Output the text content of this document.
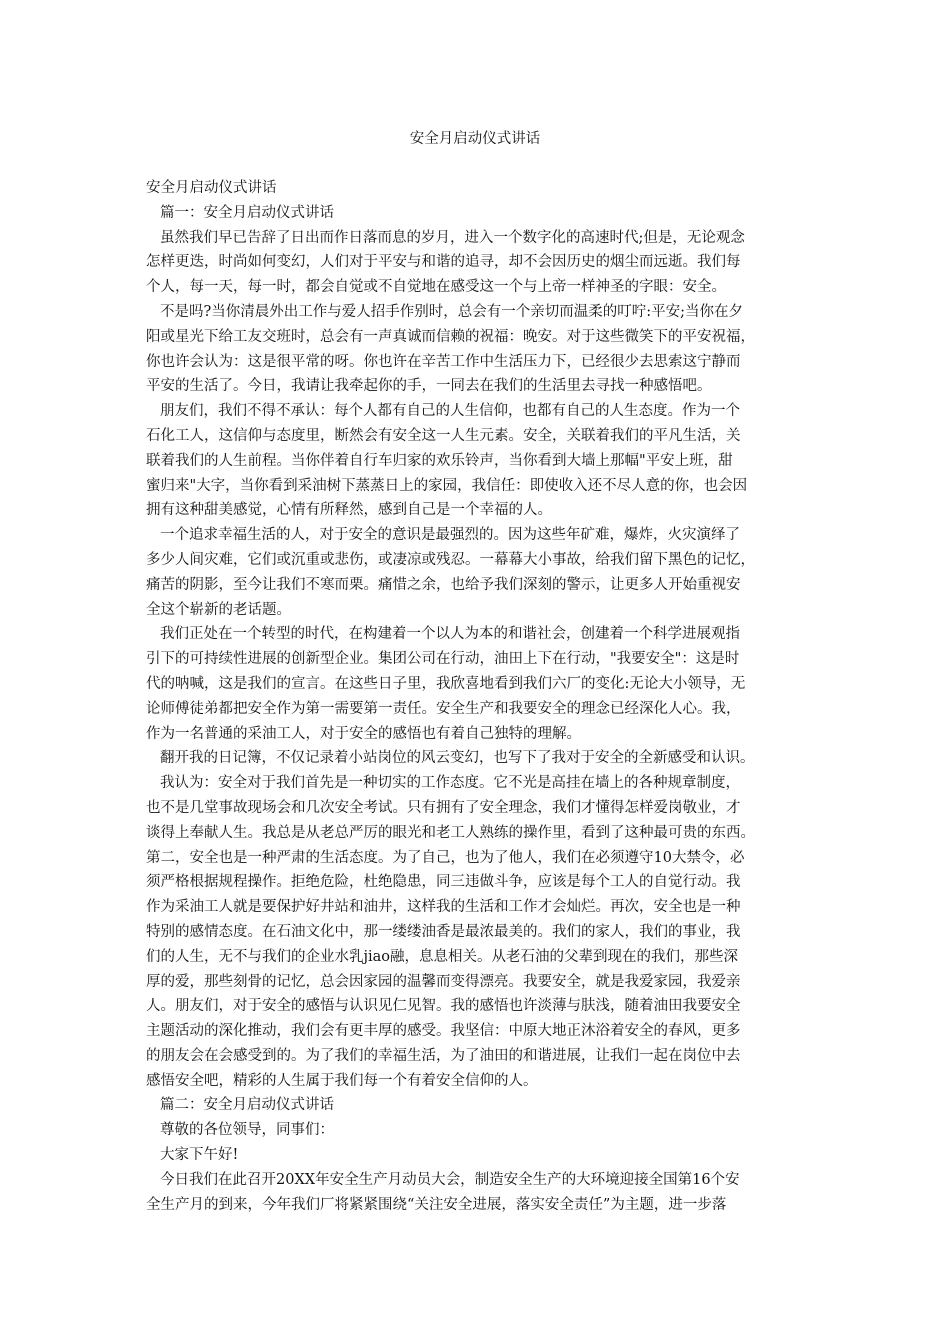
安全月启动仪式讲话

安全月启动仪式讲话

篇一：安全月启动仪式讲话

虽然我们早已告辞了日出而作日落而息的岁月，进入一个数字化的高速时代;但是，无论观念

怎样更迭，时尚如何变幻，人们对于平安与和谐的追寻，却不会因历史的烟尘而远逝。我们每

个人，每一天，每一时，都会自觉或不自觉地在感受这一个与上帝一样神圣的字眼：安全。

不是吗?当你清晨外出工作与爱人招手作别时，总会有一个亲切而温柔的叮咛:平安;当你在夕

阳或星光下给工友交班时，总会有一声真诚而信赖的祝福：晚安。对于这些微笑下的平安祝福，

你也许会认为：这是很平常的呀。你也许在辛苦工作中生活压力下，已经很少去思索这宁静而

平安的生活了。今日，我请让我牵起你的手，一同去在我们的生活里去寻找一种感悟吧。

朋友们，我们不得不承认：每个人都有自己的人生信仰，也都有自己的人生态度。作为一个

石化工人，这信仰与态度里，断然会有安全这一人生元素。安全，关联着我们的平凡生活，关

联着我们的人生前程。当你伴着自行车归家的欢乐铃声，当你看到大墙上那幅"平安上班，甜

蜜归来"大字，当你看到采油树下蒸蒸日上的家园，我信任：即使收入还不尽人意的你，也会因

拥有这种甜美感觉，心情有所释然，感到自己是一个幸福的人。

一个追求幸福生活的人，对于安全的意识是最强烈的。因为这些年矿难，爆炸，火灾演绎了

多少人间灾难，它们或沉重或悲伤，或凄凉或残忍。一幕幕大小事故，给我们留下黑色的记忆，

痛苦的阴影，至今让我们不寒而栗。痛惜之余，也给予我们深刻的警示，让更多人开始重视安

全这个崭新的老话题。

我们正处在一个转型的时代，在构建着一个以人为本的和谐社会，创建着一个科学进展观指

引下的可持续性进展的创新型企业。集团公司在行动，油田上下在行动，"我要安全"：这是时

代的呐喊，这是我们的宣言。在这些日子里，我欣喜地看到我们六厂的变化:无论大小领导，无

论师傅徒弟都把安全作为第一需要第一责任。安全生产和我要安全的理念已经深化人心。我，

作为一名普通的采油工人，对于安全的感悟也有着自己独特的理解。

翻开我的日记簿，不仅记录着小站岗位的风云变幻，也写下了我对于安全的全新感受和认识。

我认为：安全对于我们首先是一种切实的工作态度。它不光是高挂在墙上的各种规章制度，

也不是几堂事故现场会和几次安全考试。只有拥有了安全理念，我们才懂得怎样爱岗敬业，才

谈得上奉献人生。我总是从老总严厉的眼光和老工人熟练的操作里，看到了这种最可贵的东西。

第二，安全也是一种严肃的生活态度。为了自己，也为了他人，我们在必须遵守10大禁令，必

须严格根据规程操作。拒绝危险，杜绝隐患，同三违做斗争，应该是每个工人的自觉行动。我

作为采油工人就是要保护好井站和油井，这样我的生活和工作才会灿烂。再次，安全也是一种

特别的感情态度。在石油文化中，那一缕缕油香是最浓最美的。我们的家人，我们的事业，我

们的人生，无不与我们的企业水乳jiao融，息息相关。从老石油的父辈到现在的我们，那些深

厚的爱，那些刻骨的记忆，总会因家园的温馨而变得漂亮。我要安全，就是我爱家园，我爱亲

人。朋友们，对于安全的感悟与认识见仁见智。我的感悟也许淡薄与肤浅，随着油田我要安全

主题活动的深化推动，我们会有更丰厚的感受。我坚信：中原大地正沐浴着安全的春风，更多

的朋友会在会感受到的。为了我们的幸福生活，为了油田的和谐进展，让我们一起在岗位中去

感悟安全吧，精彩的人生属于我们每一个有着安全信仰的人。

篇二：安全月启动仪式讲话

尊敬的各位领导，同事们：

大家下午好!

今日我们在此召开20XX年安全生产月动员大会，制造安全生产的大环境迎接全国第16个安

全生产月的到来，今年我们厂将紧紧围绕“关注安全进展，落实安全责任”为主题，进一步落
